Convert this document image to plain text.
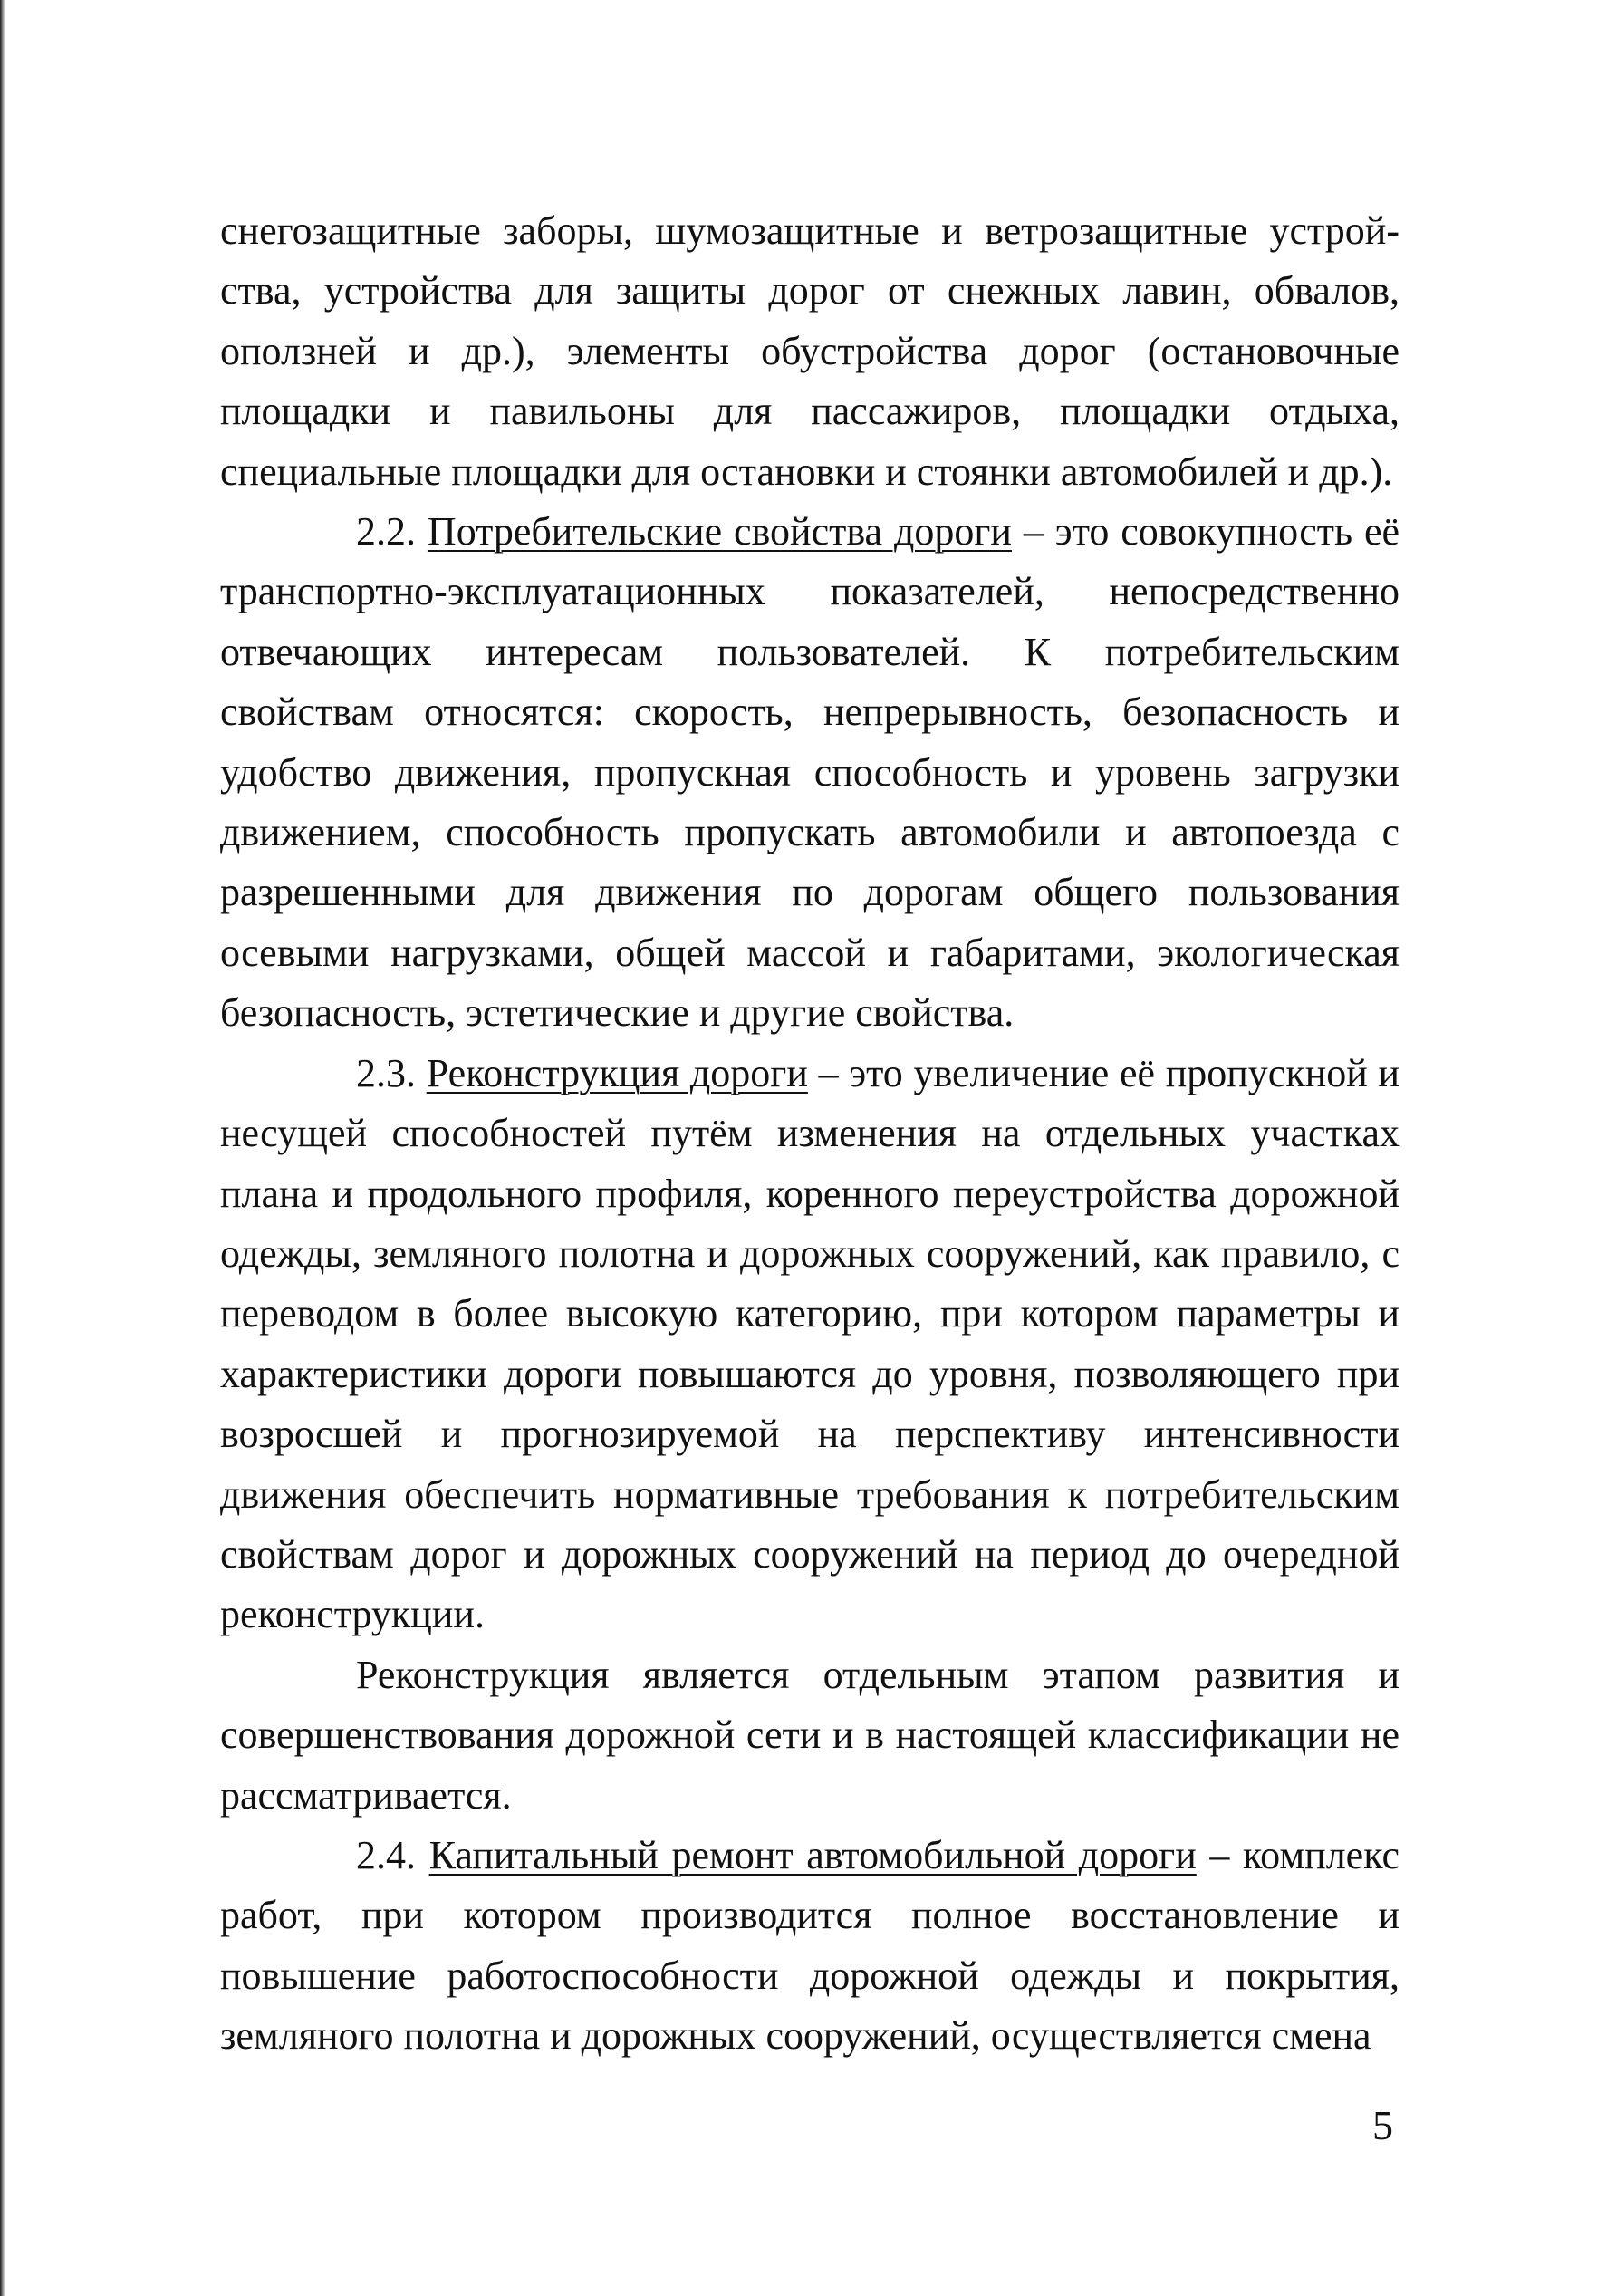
снегозащитные заборы, шумозащитные и ветрозащитные устрой-ства, устройства для защиты дорог от снежных лавин, обвалов, оползней и др.), элементы обустройства дорог (остановочные площадки и павильоны для пассажиров, площадки отдыха, специальные площадки для остановки и стоянки автомобилей и др.).

2.2. Потребительские свойства дороги – это совокупность её транспортно-эксплуатационных показателей, непосредственно отвечающих интересам пользователей. К потребительским свойствам относятся: скорость, непрерывность, безопасность и удобство движения, пропускная способность и уровень загрузки движением, способность пропускать автомобили и автопоезда с разрешенными для движения по дорогам общего пользования осевыми нагрузками, общей массой и габаритами, экологическая безопасность, эстетические и другие свойства.

2.3. Реконструкция дороги – это увеличение её пропускной и несущей способностей путём изменения на отдельных участках плана и продольного профиля, коренного переустройства дорожной одежды, земляного полотна и дорожных сооружений, как правило, с переводом в более высокую категорию, при котором параметры и характеристики дороги повышаются до уровня, позволяющего при возросшей и прогнозируемой на перспективу интенсивности движения обеспечить нормативные требования к потребительским свойствам дорог и дорожных сооружений на период до очередной реконструкции.

Реконструкция является отдельным этапом развития и совершенствования дорожной сети и в настоящей классификации не рассматривается.

2.4. Капитальный ремонт автомобильной дороги – комплекс работ, при котором производится полное восстановление и повышение работоспособности дорожной одежды и покрытия, земляного полотна и дорожных сооружений, осуществляется смена

5
